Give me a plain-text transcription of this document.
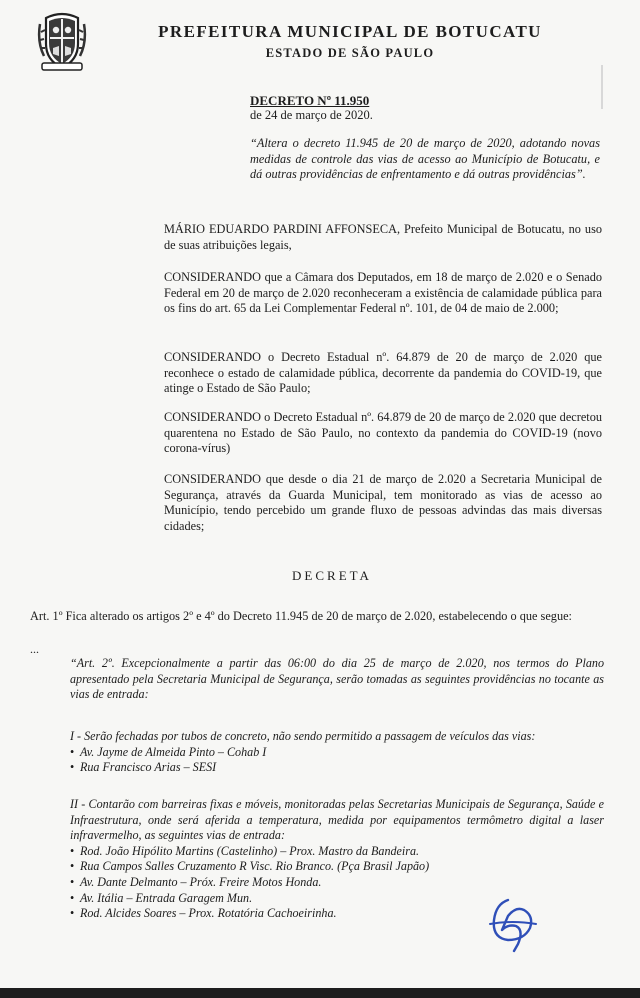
PREFEITURA MUNICIPAL DE BOTUCATU
ESTADO DE SÃO PAULO
DECRETO Nº 11.950
de 24 de março de 2020.
“Altera o decreto 11.945 de 20 de março de 2020, adotando novas medidas de controle das vias de acesso ao Município de Botucatu, e dá outras providências de enfrentamento e dá outras providências”.
MÁRIO EDUARDO PARDINI AFFONSECA, Prefeito Municipal de Botucatu, no uso de suas atribuições legais,
CONSIDERANDO que a Câmara dos Deputados, em 18 de março de 2.020 e o Senado Federal em 20 de março de 2.020 reconheceram a existência de calamidade pública para os fins do art. 65 da Lei Complementar Federal nº. 101, de 04 de maio de 2.000;
CONSIDERANDO o Decreto Estadual nº. 64.879 de 20 de março de 2.020 que reconhece o estado de calamidade pública, decorrente da pandemia do COVID-19, que atinge o Estado de São Paulo;
CONSIDERANDO o Decreto Estadual nº. 64.879 de 20 de março de 2.020 que decretou quarentena no Estado de São Paulo, no contexto da pandemia do COVID-19 (novo corona-vírus)
CONSIDERANDO que desde o dia 21 de março de 2.020 a Secretaria Municipal de Segurança, através da Guarda Municipal, tem monitorado as vias de acesso ao Município, tendo percebido um grande fluxo de pessoas advindas das mais diversas cidades;
DECRETA
Art. 1º Fica alterado os artigos 2º e 4º do Decreto 11.945 de 20 de março de 2.020, estabelecendo o que segue:
...
“Art. 2º. Excepcionalmente a partir das 06:00 do dia 25 de março de 2.020, nos termos do Plano apresentado pela Secretaria Municipal de Segurança, serão tomadas as seguintes providências no tocante as vias de entrada:
I - Serão fechadas por tubos de concreto, não sendo permitido a passagem de veículos das vias:
• Av. Jayme de Almeida Pinto – Cohab I
• Rua Francisco Arias – SESI
II - Contarão com barreiras fixas e móveis, monitoradas pelas Secretarias Municipais de Segurança, Saúde e Infraestrutura, onde será aferida a temperatura, medida por equipamentos termômetro digital a laser infravermelho, as seguintes vias de entrada:
• Rod. João Hipólito Martins (Castelinho) – Prox. Mastro da Bandeira.
• Rua Campos Salles Cruzamento R Visc. Rio Branco. (Pça Brasil Japão)
• Av. Dante Delmanto – Próx. Freire Motos Honda.
• Av. Itália – Entrada Garagem Mun.
• Rod. Alcides Soares – Prox. Rotatória Cachoeirinha.
